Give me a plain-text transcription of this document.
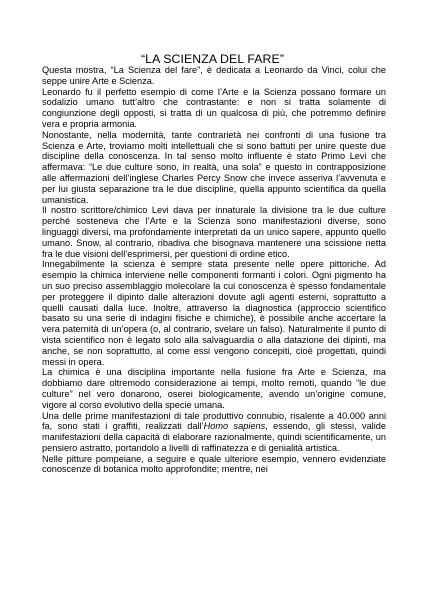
“LA SCIENZA DEL FARE”

Questa mostra, “La Scienza del fare”, è dedicata a Leonardo da Vinci, colui che seppe unire Arte e Scienza.

Leonardo fu il perfetto esempio di come l’Arte e la Scienza possano formare un sodalizio umano tutt’altro che contrastante: e non si tratta solamente di congiunzione degli opposti, si tratta di un qualcosa di più, che potremmo definire vera e propria armonia.

Nonostante, nella modernità, tante contrarietà nei confronti di una fusione tra Scienza e Arte, troviamo molti intellettuali che si sono battuti per unire queste due discipline della conoscenza. In tal senso molto influente è stato Primo Levi che affermava: “Le due culture sono, in realtà, una sola” e questo in contrapposizione alle affermazioni dell’inglese Charles Percy Snow che invece asseriva l’avvenuta e per lui giusta separazione tra le due discipline, quella appunto scientifica da quella umanistica.

Il nostro scrittore/chimico Levi dava per innaturale la divisione tra le due culture perché sosteneva che l’Arte e la Scienza sono manifestazioni diverse, sono linguaggi diversi, ma profondamente interpretati da un unico sapere, appunto quello umano. Snow, al contrario, ribadiva che bisognava mantenere una scissione netta fra le due visioni dell’esprimersi, per questioni di ordine etico.

Innegabilmente la scienza è sempre stata presente nelle opere pittoriche. Ad esempio la chimica interviene nelle componenti formanti i colori. Ogni pigmento ha un suo preciso assemblaggio molecolare la cui conoscenza è spesso fondamentale per proteggere il dipinto dalle alterazioni dovute agli agenti esterni, soprattutto a quelli causati dalla luce. Inoltre, attraverso la diagnostica (approccio scientifico basato su una serie di indagini fisiche e chimiche), è possibile anche accertare la vera paternità di un’opera (o, al contrario, svelare un falso). Naturalmente il punto di vista scientifico non è legato solo alla salvaguardia o alla datazione dei dipinti, ma anche, se non soprattutto, al come essi vengono concepiti, cioè progettati, quindi messi in opera.

La chimica è una disciplina importante nella fusione fra Arte e Scienza, ma dobbiamo dare oltremodo considerazione ai tempi, molto remoti, quando “le due culture” nel vero donarono, oserei biologicamente, avendo un’origine comune, vigore al corso evolutivo della specie umana.

Una delle prime manifestazioni di tale produttivo connubio, risalente a 40.000 anni fa, sono stati i graffiti, realizzati dall’Homo sapiens, essendo, gli stessi, valide manifestazioni della capacità di elaborare razionalmente, quindi scientificamente, un pensiero astratto, portandolo a livelli di raffinatezza e di genialità artistica.

Nelle pitture pompeiane, a seguire e quale ulteriore esempio, vennero evidenziate conoscenze di botanica molto approfondite; mentre, nei
